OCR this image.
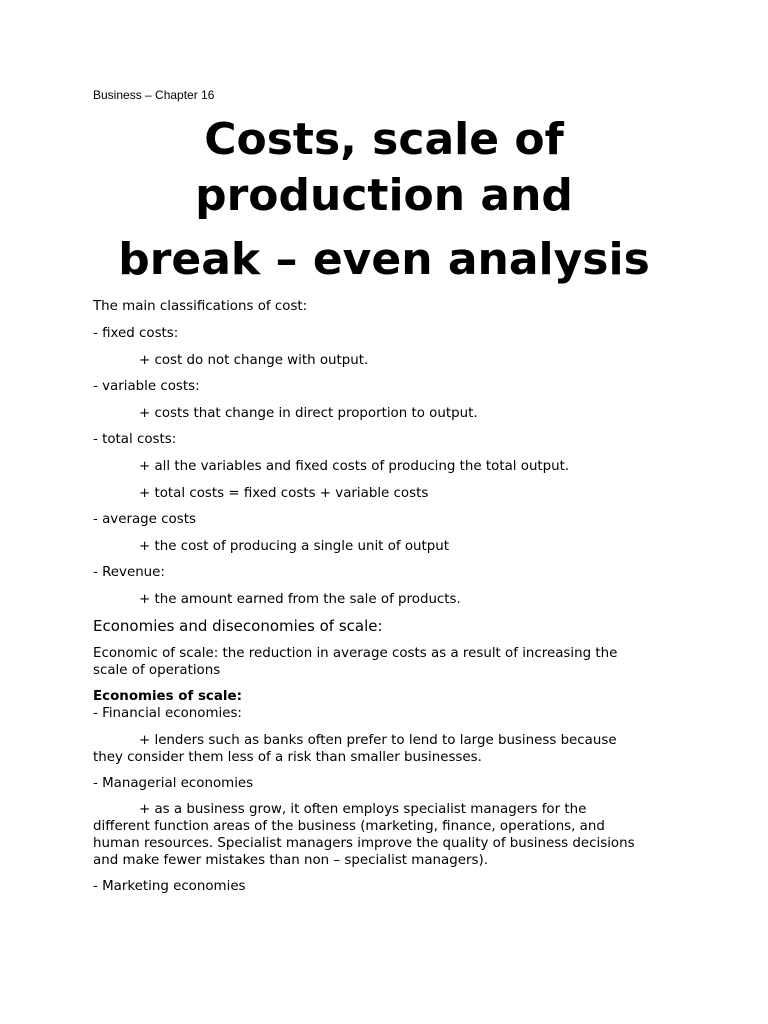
Business – Chapter 16

Costs, scale of
production and
break – even analysis

The main classifications of cost:

- fixed costs:

+ cost do not change with output.

- variable costs:

+ costs that change in direct proportion to output.

- total costs:

+ all the variables and fixed costs of producing the total output.

+ total costs = fixed costs + variable costs

- average costs

+ the cost of producing a single unit of output

- Revenue:

+ the amount earned from the sale of products.

Economies and diseconomies of scale:

Economic of scale: the reduction in average costs as a result of increasing the

scale of operations

Economies of scale:

- Financial economies:

+ lenders such as banks often prefer to lend to large business because

they consider them less of a risk than smaller businesses.

- Managerial economies

+ as a business grow, it often employs specialist managers for the

different function areas of the business (marketing, finance, operations, and

human resources. Specialist managers improve the quality of business decisions

and make fewer mistakes than non – specialist managers).

- Marketing economies
